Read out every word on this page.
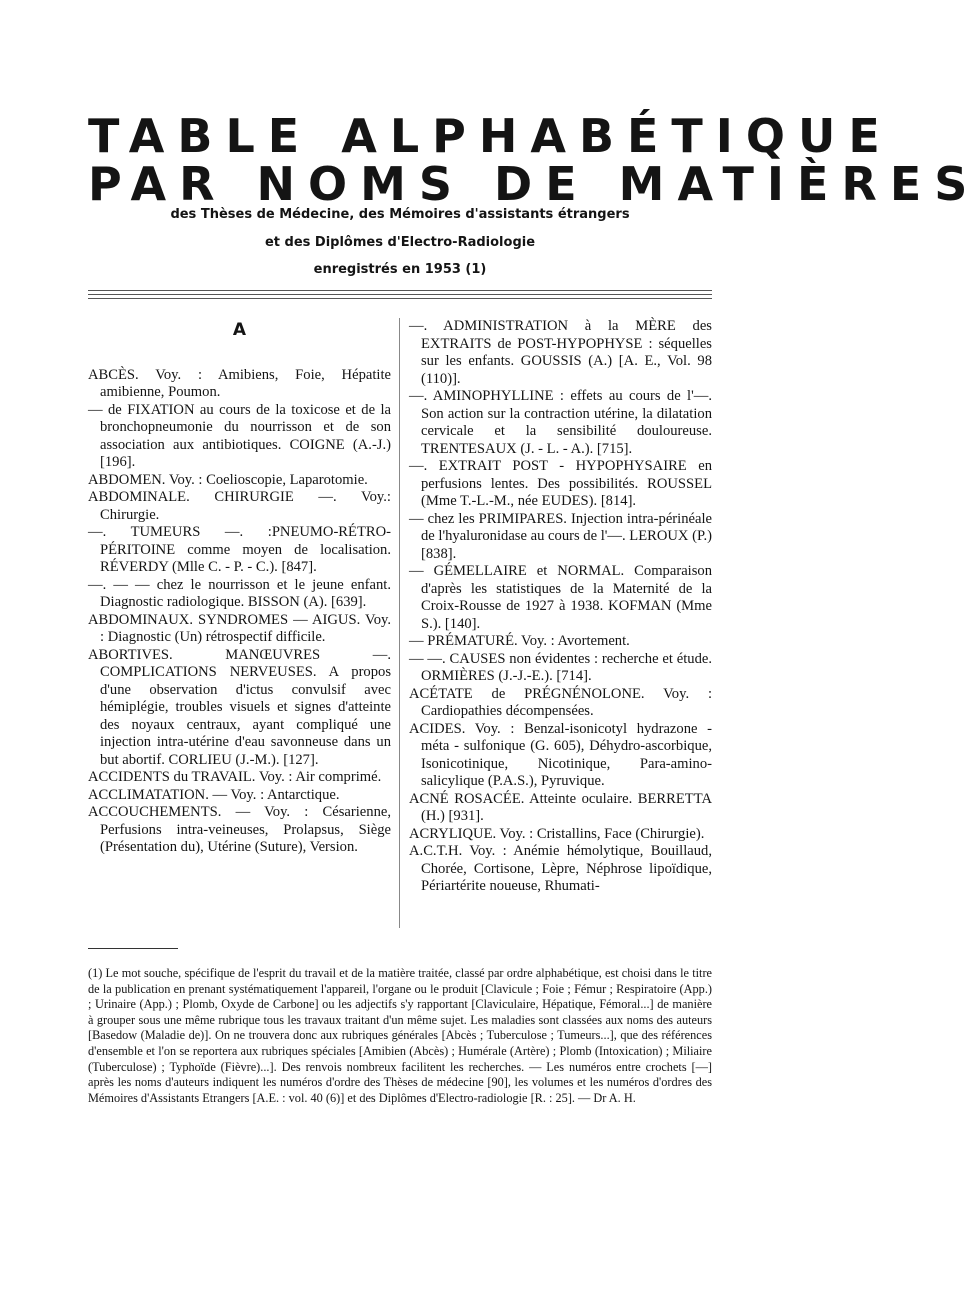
TABLE ALPHABÉTIQUE
PAR NOMS DE MATIÈRES
des Thèses de Médecine, des Mémoires d'assistants étrangers
et des Diplômes d'Electro-Radiologie
enregistrés en 1953 (1)
A

ABCÈS. Voy. : Amibiens, Foie, Hépatite amibienne, Poumon.

— de FIXATION au cours de la toxicose et de la bronchopneumonie du nourrisson et de son association aux antibiotiques. COIGNE (A.-J.) [196].

ABDOMEN. Voy. : Coelioscopie, Laparotomie.

ABDOMINALE. CHIRURGIE —. Voy.: Chirurgie.

—. TUMEURS —. :PNEUMO-RÉTRO-PÉRITOINE comme moyen de localisation. RÉVERDY (Mlle C. - P. - C.). [847].

—. — — chez le nourrisson et le jeune enfant. Diagnostic radiologique. BISSON (A). [639].

ABDOMINAUX. SYNDROMES — AIGUS. Voy. : Diagnostic (Un) rétrospectif difficile.

ABORTIVES. MANŒUVRES —. COMPLICATIONS NERVEUSES. A propos d'une observation d'ictus convulsif avec hémiplégie, troubles visuels et signes d'atteinte des noyaux centraux, ayant compliqué une injection intra-utérine d'eau savonneuse dans un but abortif. CORLIEU (J.-M.). [127].

ACCIDENTS du TRAVAIL. Voy. : Air comprimé.

ACCLIMATATION. — Voy. : Antarctique.

ACCOUCHEMENTS. — Voy. : Césarienne, Perfusions intra-veineuses, Prolapsus, Siège (Présentation du), Utérine (Suture), Version.

—. ADMINISTRATION à la MÈRE des EXTRAITS de POST-HYPOPHYSE : séquelles sur les enfants. GOUSSIS (A.) [A. E., Vol. 98 (110)].

—. AMINOPHYLLINE : effets au cours de l'—. Son action sur la contraction utérine, la dilatation cervicale et la sensibilité douloureuse. TRENTESAUX (J. - L. - A.). [715].

—. EXTRAIT POST - HYPOPHYSAIRE en perfusions lentes. Des possibilités. ROUSSEL (Mme T.-L.-M., née EUDES). [814].

— chez les PRIMIPARES. Injection intra-périnéale de l'hyaluronidase au cours de l'—. LEROUX (P.) [838].

— GÉMELLAIRE et NORMAL. Comparaison d'après les statistiques de la Maternité de la Croix-Rousse de 1927 à 1938. KOFMAN (Mme S.). [140].

— PRÉMATURÉ. Voy. : Avortement.

— —. CAUSES non évidentes : recherche et étude. ORMIÈRES (J.-J.-E.). [714].

ACÉTATE de PRÉGNÉNOLONE. Voy. : Cardiopathies décompensées.

ACIDES. Voy. : Benzal-isonicotyl hydrazone - méta - sulfonique (G. 605), Déhydro-ascorbique, Isonicotinique, Nicotinique, Para-amino-salicylique (P.A.S.), Pyruvique.

ACNÉ ROSACÉE. Atteinte oculaire. BERRETTA (H.) [931].

ACRYLIQUE. Voy. : Cristallins, Face (Chirurgie).

A.C.T.H. Voy. : Anémie hémolytique, Bouillaud, Chorée, Cortisone, Lèpre, Néphrose lipoïdique, Périartérite noueuse, Rhumati-

(1) Le mot souche, spécifique de l'esprit du travail et de la matière traitée, classé par ordre alphabétique, est choisi dans le titre de la publication en prenant systématiquement l'appareil, l'organe ou le produit [Clavicule ; Foie ; Fémur ; Respiratoire (App.) ; Urinaire (App.) ; Plomb, Oxyde de Carbone] ou les adjectifs s'y rapportant [Claviculaire, Hépatique, Fémoral...] de manière à grouper sous une même rubrique tous les travaux traitant d'un même sujet. Les maladies sont classées aux noms des auteurs [Basedow (Maladie de)]. On ne trouvera donc aux rubriques générales [Abcès ; Tuberculose ; Tumeurs...], que des références d'ensemble et l'on se reportera aux rubriques spéciales [Amibien (Abcès) ; Humérale (Artère) ; Plomb (Intoxication) ; Miliaire (Tuberculose) ; Typhoïde (Fièvre)...]. Des renvois nombreux facilitent les recherches. — Les numéros entre crochets [—] après les noms d'auteurs indiquent les numéros d'ordre des Thèses de médecine [90], les volumes et les numéros d'ordres des Mémoires d'Assistants Etrangers [A.E. : vol. 40 (6)] et des Diplômes d'Electro-radiologie [R. : 25]. — Dr A. H.
